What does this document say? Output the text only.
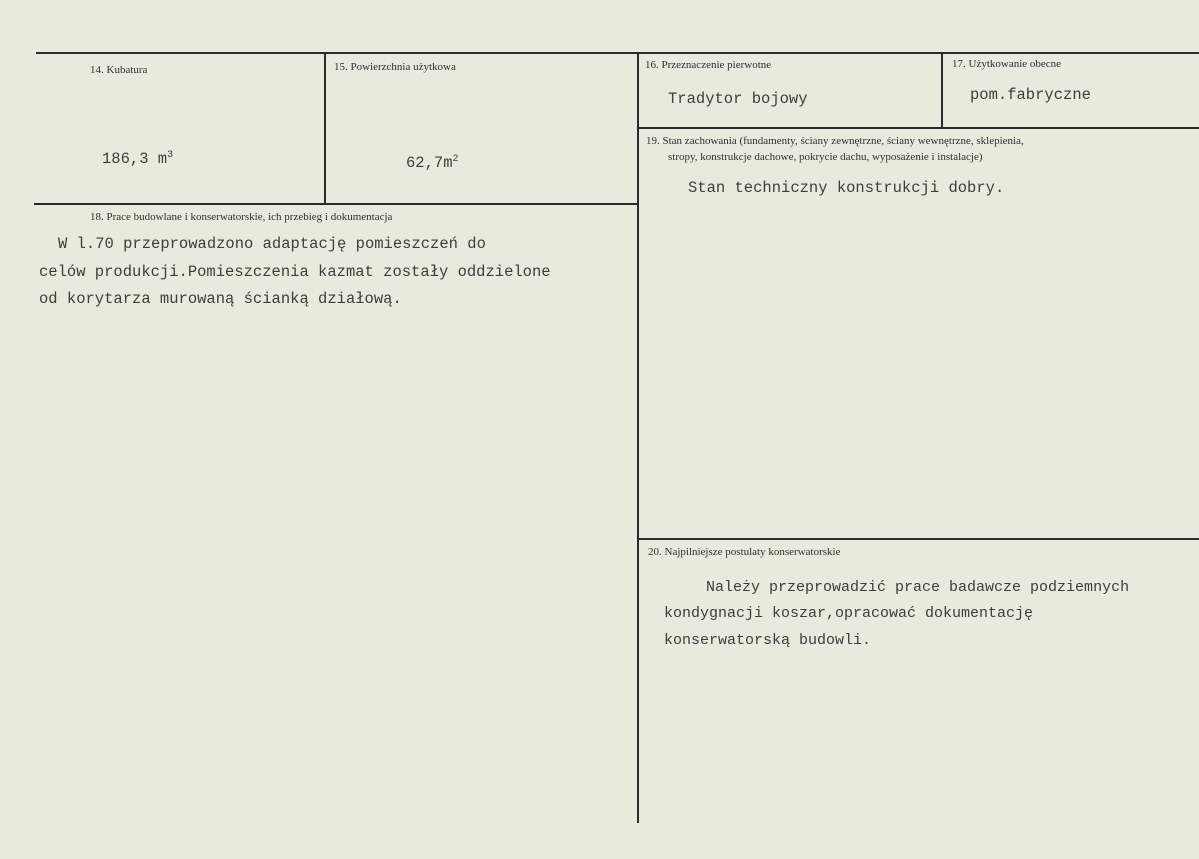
14. Kubatura
186,3 $m^3$
15. Powierzchnia użytkowa
$62,7m^2$
16. Przeznaczenie pierwotne
Tradytor bojowy
17. Użytkowanie obecne
pom.fabryczne
19. Stan zachowania (fundamenty, ściany zewnętrzne, ściany wewnętrzne, sklepienia,
stropy, konstrukcje dachowe, pokrycie dachu, wyposażenie i instalacje)
Stan techniczny konstrukcji dobry.
18. Prace budowlane i konserwatorskie, ich przebieg i dokumentacja
W l.70 przeprowadzono adaptację pomieszczeń do
celów produkcji.Pomieszczenia kazmat zostały oddzielone
od korytarza murowaną ścianką działową.
20. Najpilniejsze postulaty konserwatorskie
Należy przeprowadzić prace badawcze podziemnych
kondygnacji koszar,opracować dokumentację
konserwatorską budowli.
